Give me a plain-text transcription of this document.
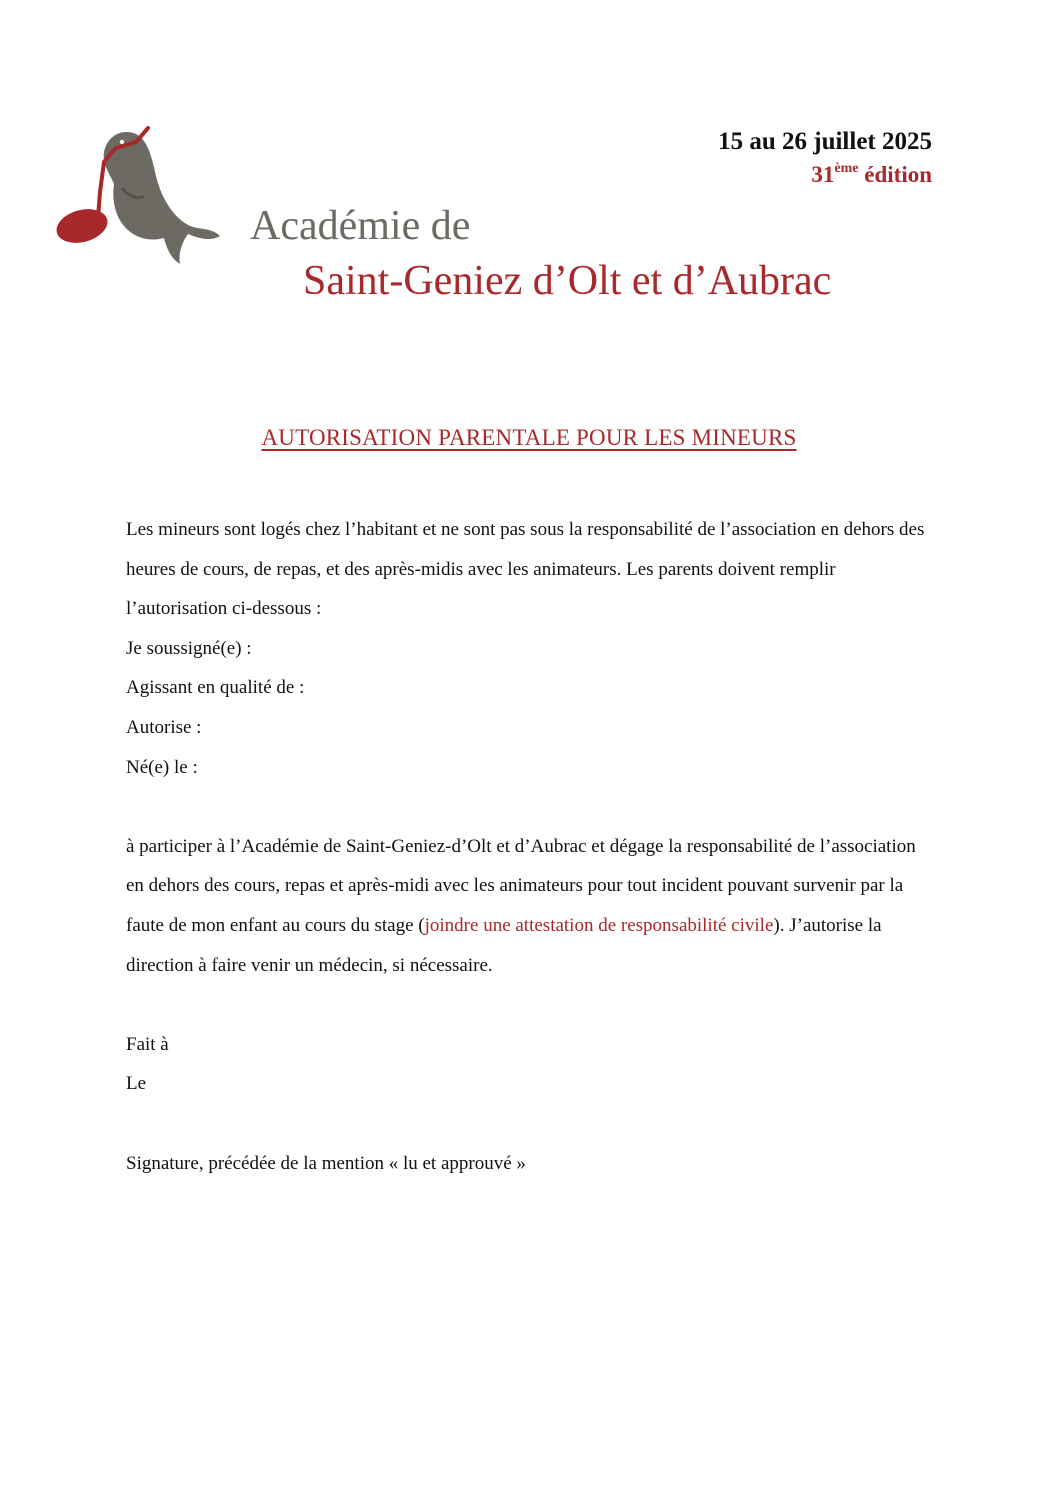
15 au 26 juillet 2025
31ème édition
Académie de
Saint-Geniez d’Olt et d’Aubrac
AUTORISATION PARENTALE POUR LES MINEURS

Les mineurs sont logés chez l’habitant et ne sont pas sous la responsabilité de l’association en dehors des heures de cours, de repas, et des après-midis avec les animateurs. Les parents doivent remplir l’autorisation ci-dessous :

Je soussigné(e) :

Agissant en qualité de :

Autorise :

Né(e) le :

à participer à l’Académie de Saint-Geniez-d’Olt et d’Aubrac et dégage la responsabilité de l’association en dehors des cours, repas et après-midi avec les animateurs pour tout incident pouvant survenir par la faute de mon enfant au cours du stage (joindre une attestation de responsabilité civile). J’autorise la direction à faire venir un médecin, si nécessaire.

Fait à

Le

Signature, précédée de la mention « lu et approuvé »
